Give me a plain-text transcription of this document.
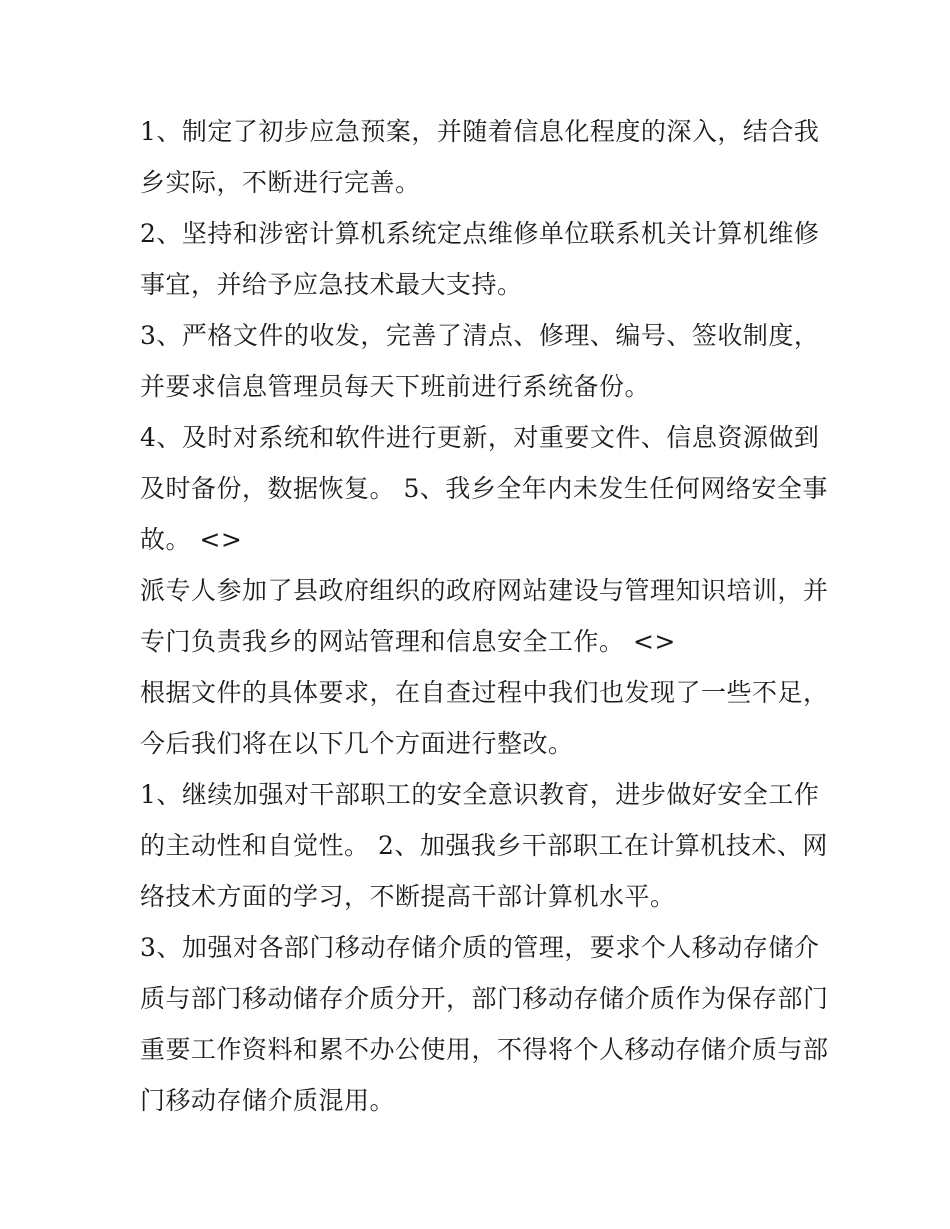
1、制定了初步应急预案，并随着信息化程度的深入，结合我
乡实际，不断进行完善。
2、坚持和涉密计算机系统定点维修单位联系机关计算机维修
事宜，并给予应急技术最大支持。
3、严格文件的收发，完善了清点、修理、编号、签收制度，
并要求信息管理员每天下班前进行系统备份。
4、及时对系统和软件进行更新，对重要文件、信息资源做到
及时备份，数据恢复。 5、我乡全年内未发生任何网络安全事
故。 <>
派专人参加了县政府组织的政府网站建设与管理知识培训，并
专门负责我乡的网站管理和信息安全工作。 <>
根据文件的具体要求，在自查过程中我们也发现了一些不足，
今后我们将在以下几个方面进行整改。
1、继续加强对干部职工的安全意识教育，进步做好安全工作
的主动性和自觉性。 2、加强我乡干部职工在计算机技术、网
络技术方面的学习，不断提高干部计算机水平。
3、加强对各部门移动存储介质的管理，要求个人移动存储介
质与部门移动储存介质分开，部门移动存储介质作为保存部门
重要工作资料和累不办公使用，不得将个人移动存储介质与部
门移动存储介质混用。
